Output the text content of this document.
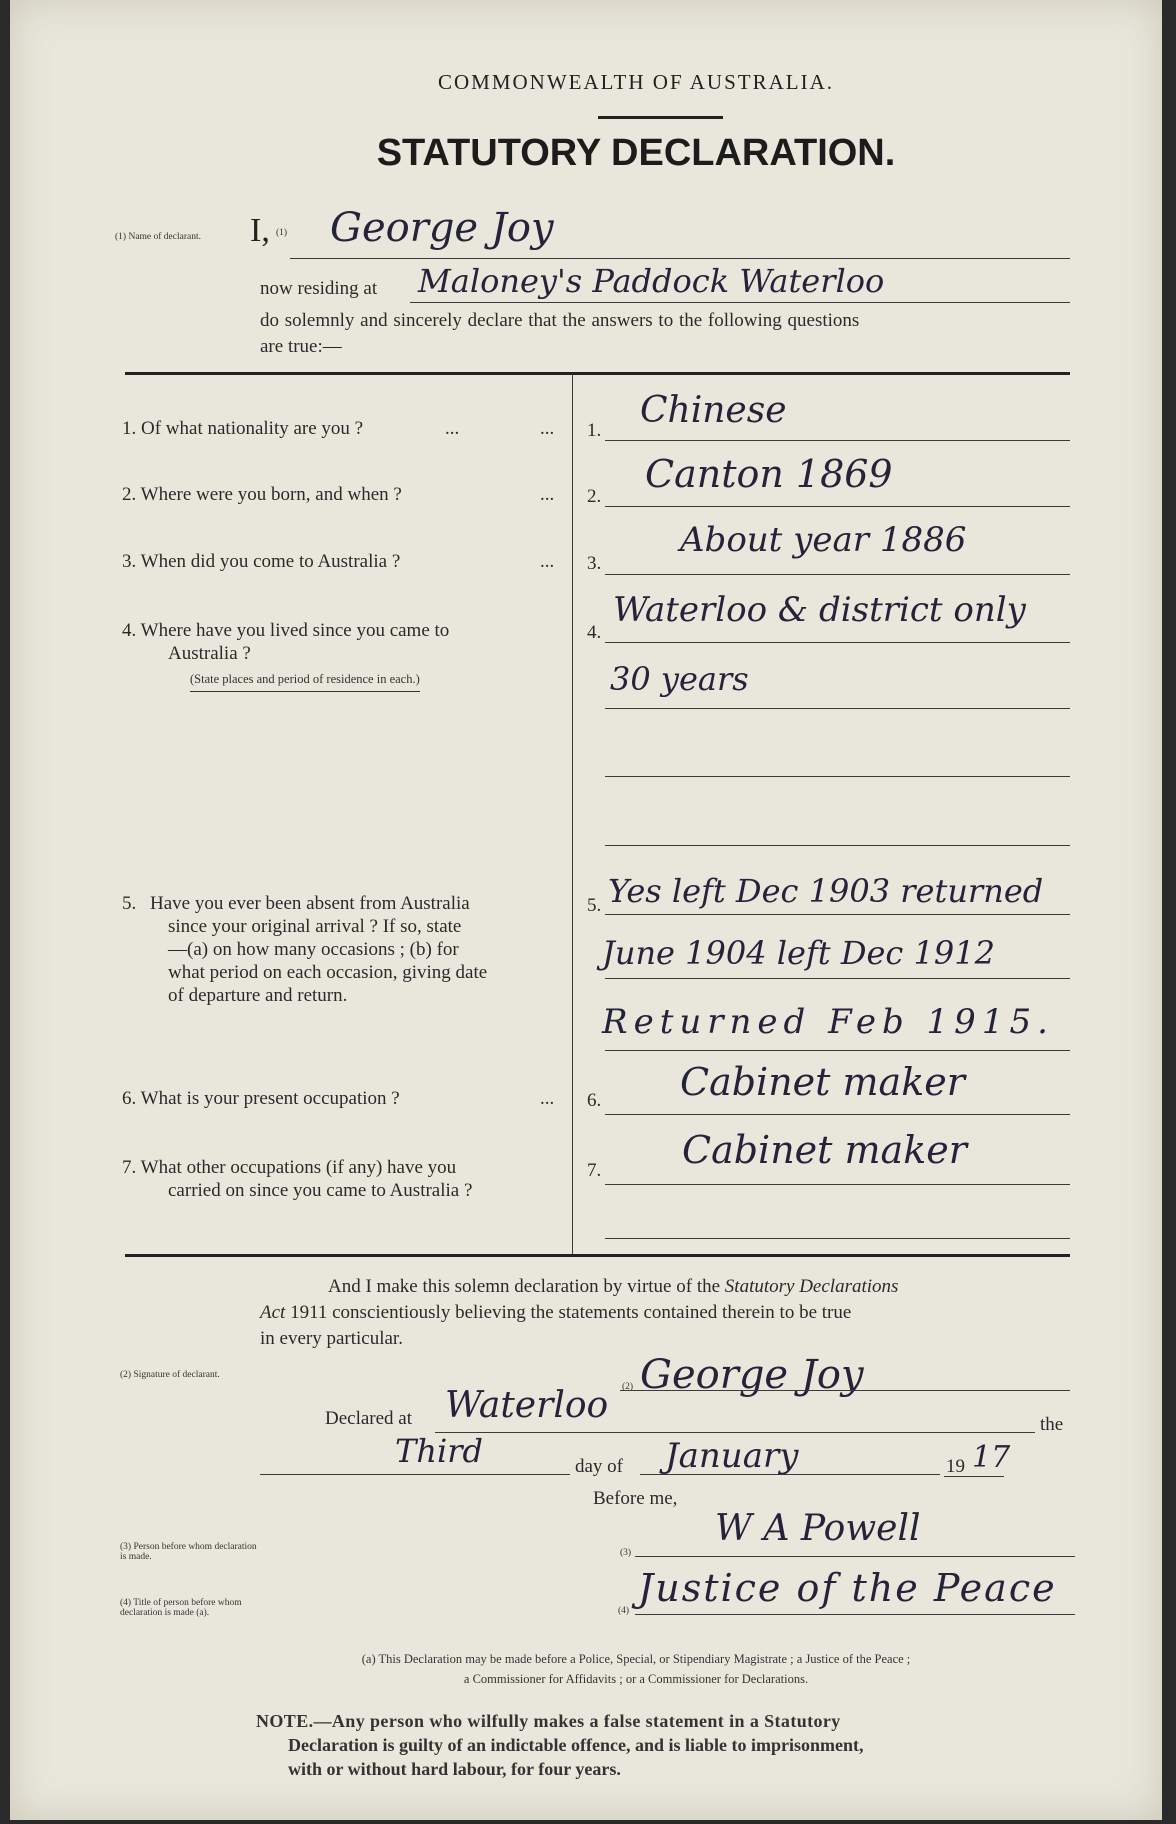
COMMONWEALTH OF AUSTRALIA.
STATUTORY DECLARATION.
(1) Name of declarant. I, (1) George Joy
now residing at Maloney's Paddock Waterloo
do solemnly and sincerely declare that the answers to the following questions
are true:—
1. Of what nationality are you ?	...	... 1. Chinese
2. Where were you born, and when ?	... 2.
Canton 1869
3. When did you come to Australia ?	... 3.
About year 1886
4. Where have you lived since you came to
Australia ?
(State places and period of residence in each.)
4.
Waterloo & district only
30 years
5. Have you ever been absent from Australia
since your original arrival ? If so, state
—(a) on how many occasions ; (b) for
what period on each occasion, giving date
of departure and return.
5. Yes left Dec 1903 returned
June 1904 left Dec 1912
Returned Feb 1915.
6. What is your present occupation ?	... 6. Cabinet maker
7. What other occupations (if any) have you
carried on since you came to Australia ?
7. Cabinet maker
And I make this solemn declaration by virtue of the Statutory Declarations
Act 1911 conscientiously believing the statements contained therein to be true
in every particular.
(2) Signature of declarant.
(2) George Joy
Declared at Waterloo	the
Third	day of January	19 17
Before me,
(3) Person before whom declaration is made.	(3)
W A Powell
(4) Title of person before whom declaration is made (a).	(4)
Justice of the Peace
(a) This Declaration may be made before a Police, Special, or Stipendiary Magistrate ; a Justice of the Peace ;
a Commissioner for Affidavits ; or a Commissioner for Declarations.
NOTE.—Any person who wilfully makes a false statement in a Statutory
Declaration is guilty of an indictable offence, and is liable to imprisonment,
with or without hard labour, for four years.
